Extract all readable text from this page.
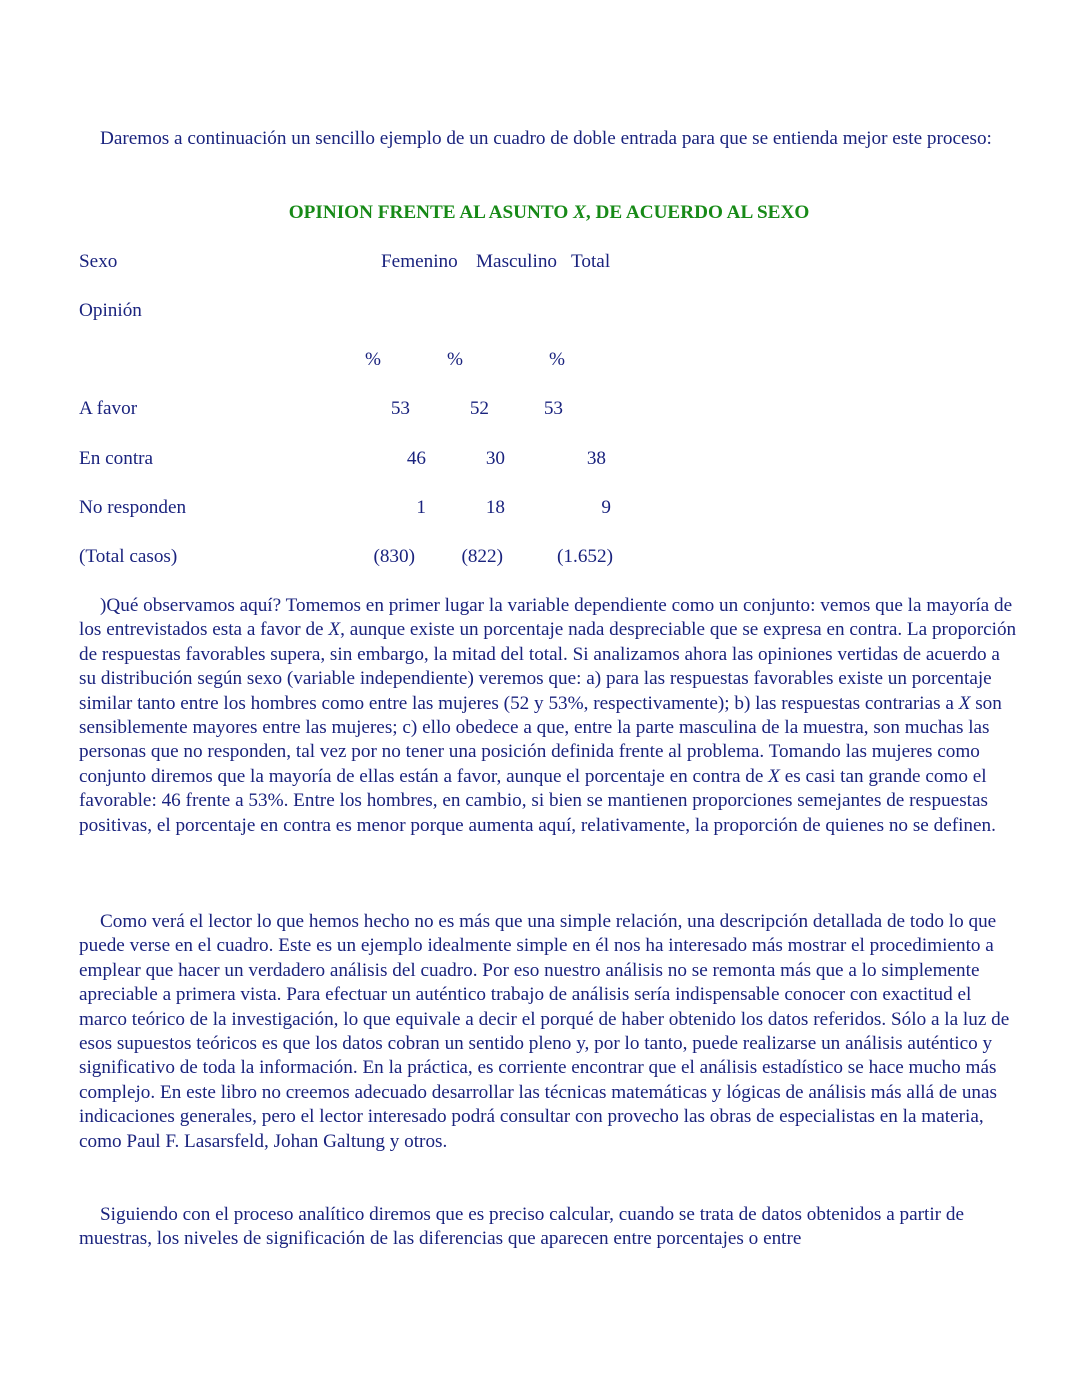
Daremos a continuación un sencillo ejemplo de un cuadro de doble entrada para que se entienda mejor este proceso:

OPINION FRENTE AL ASUNTO X, DE ACUERDO AL SEXO

Sexo	Femenino Masculino Total
Opinión
%	%	%
A favor	53	52	53
En contra	46	30	38
No responden	1	18	9
(Total casos)	(830)	(822)	(1.652)

)Qué observamos aquí? Tomemos en primer lugar la variable dependiente como un conjunto: vemos que la mayoría de los entrevistados esta a favor de X, aunque existe un porcentaje nada despreciable que se expresa en contra. La proporción de respuestas favorables supera, sin embargo, la mitad del total. Si analizamos ahora las opiniones vertidas de acuerdo a su distribución según sexo (variable independiente) veremos que: a) para las respuestas favorables existe un porcentaje similar tanto entre los hombres como entre las mujeres (52 y 53%, respectivamente); b) las respuestas contrarias a X son sensiblemente mayores entre las mujeres; c) ello obedece a que, entre la parte masculina de la muestra, son muchas las personas que no responden, tal vez por no tener una posición definida frente al problema. Tomando las mujeres como conjunto diremos que la mayoría de ellas están a favor, aunque el porcentaje en contra de X es casi tan grande como el favorable: 46 frente a 53%. Entre los hombres, en cambio, si bien se mantienen proporciones semejantes de respuestas positivas, el porcentaje en contra es menor porque aumenta aquí, relativamente, la proporción de quienes no se definen.

Como verá el lector lo que hemos hecho no es más que una simple relación, una descripción detallada de todo lo que puede verse en el cuadro. Este es un ejemplo idealmente simple en él nos ha interesado más mostrar el procedimiento a emplear que hacer un verdadero análisis del cuadro. Por eso nuestro análisis no se remonta más que a lo simplemente apreciable a primera vista. Para efectuar un auténtico trabajo de análisis sería indispensable conocer con exactitud el marco teórico de la investigación, lo que equivale a decir el porqué de haber obtenido los datos referidos. Sólo a la luz de esos supuestos teóricos es que los datos cobran un sentido pleno y, por lo tanto, puede realizarse un análisis auténtico y significativo de toda la información. En la práctica, es corriente encontrar que el análisis estadístico se hace mucho más complejo. En este libro no creemos adecuado desarrollar las técnicas matemáticas y lógicas de análisis más allá de unas indicaciones generales, pero el lector interesado podrá consultar con provecho las obras de especialistas en la materia, como Paul F. Lasarsfeld, Johan Galtung y otros.

Siguiendo con el proceso analítico diremos que es preciso calcular, cuando se trata de datos obtenidos a partir de muestras, los niveles de significación de las diferencias que aparecen entre porcentajes o entre
